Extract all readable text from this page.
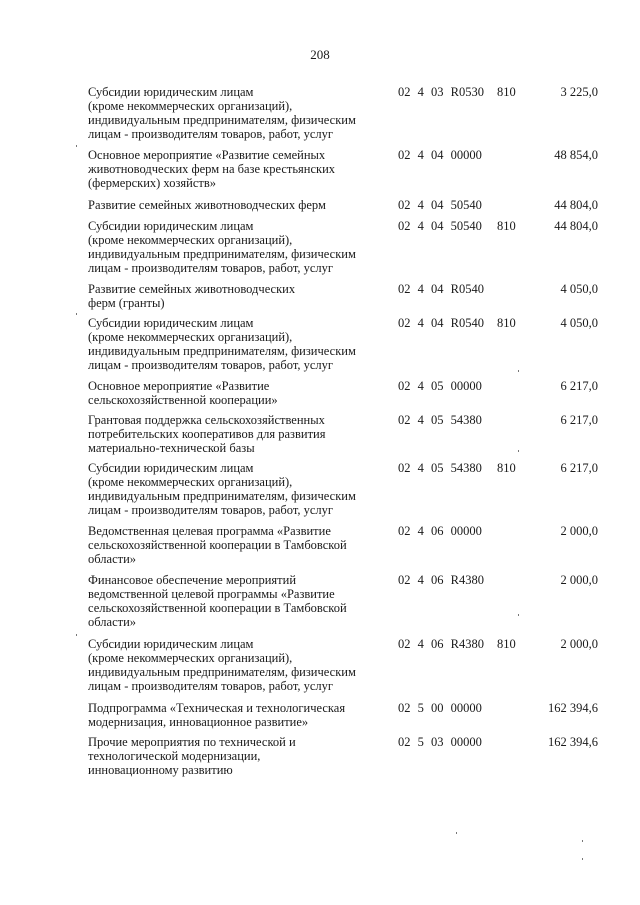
208
Субсидии юридическим лицам
(кроме некоммерческих организаций),
индивидуальным предпринимателям, физическим
лицам - производителям товаров, работ, услуг
02 4 03 R0530	810	3 225,0
Основное мероприятие «Развитие семейных
животноводческих ферм на базе крестьянских
(фермерских) хозяйств»
02 4 04 00000	48 854,0
Развитие семейных животноводческих ферм	02 4 04 50540	44 804,0
Субсидии юридическим лицам
(кроме некоммерческих организаций),
индивидуальным предпринимателям, физическим
лицам - производителям товаров, работ, услуг
02 4 04 50540	810	44 804,0
Развитие семейных животноводческих
ферм (гранты)
02 4 04 R0540	4 050,0
Субсидии юридическим лицам
(кроме некоммерческих организаций),
индивидуальным предпринимателям, физическим
лицам - производителям товаров, работ, услуг
02 4 04 R0540	810	4 050,0
Основное мероприятие «Развитие
сельскохозяйственной кооперации»
02 4 05 00000	6 217,0
Грантовая поддержка сельскохозяйственных
потребительских кооперативов для развития
материально-технической базы
02 4 05 54380	6 217,0
Субсидии юридическим лицам
(кроме некоммерческих организаций),
индивидуальным предпринимателям, физическим
лицам - производителям товаров, работ, услуг
02 4 05 54380	810	6 217,0
Ведомственная целевая программа «Развитие
сельскохозяйственной кооперации в Тамбовской
области»
02 4 06 00000	2 000,0
Финансовое обеспечение мероприятий
ведомственной целевой программы «Развитие
сельскохозяйственной кооперации в Тамбовской
области»
02 4 06 R4380	2 000,0
Субсидии юридическим лицам
(кроме некоммерческих организаций),
индивидуальным предпринимателям, физическим
лицам - производителям товаров, работ, услуг
02 4 06 R4380	810	2 000,0
Подпрограмма «Техническая и технологическая
модернизация, инновационное развитие»
02 5 00 00000	162 394,6
Прочие мероприятия по технической и
технологической модернизации,
инновационному развитию
02 5 03 00000	162 394,6
